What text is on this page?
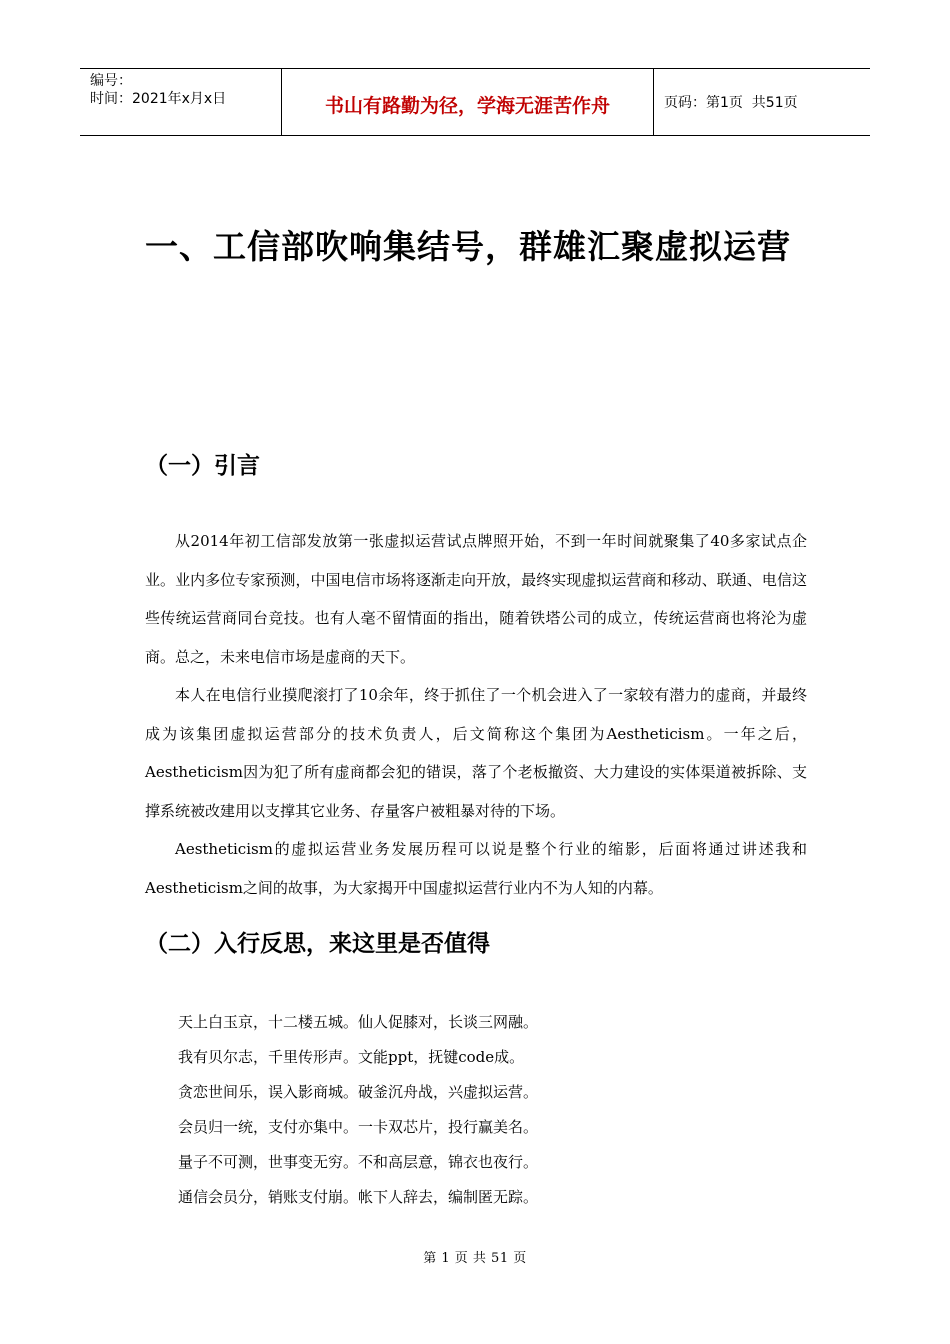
编号：
时间：2021年x月x日	书山有路勤为径，学海无涯苦作舟	页码：第1页  共51页
一、工信部吹响集结号，群雄汇聚虚拟运营
（一）引言

从2014年初工信部发放第一张虚拟运营试点牌照开始，不到一年时间就聚集了40多家试点企业。业内多位专家预测，中国电信市场将逐渐走向开放，最终实现虚拟运营商和移动、联通、电信这些传统运营商同台竞技。也有人毫不留情面的指出，随着铁塔公司的成立，传统运营商也将沦为虚商。总之，未来电信市场是虚商的天下。

本人在电信行业摸爬滚打了10余年，终于抓住了一个机会进入了一家较有潜力的虚商，并最终成为该集团虚拟运营部分的技术负责人，后文简称这个集团为Aestheticism。一年之后，Aestheticism因为犯了所有虚商都会犯的错误，落了个老板撤资、大力建设的实体渠道被拆除、支撑系统被改建用以支撑其它业务、存量客户被粗暴对待的下场。

Aestheticism的虚拟运营业务发展历程可以说是整个行业的缩影，后面将通过讲述我和Aestheticism之间的故事，为大家揭开中国虚拟运营行业内不为人知的内幕。

（二）入行反思，来这里是否值得
天上白玉京，十二楼五城。仙人促膝对，长谈三网融。
我有贝尔志，千里传形声。文能ppt，抚键code成。
贪恋世间乐，误入影商城。破釜沉舟战，兴虚拟运营。
会员归一统，支付亦集中。一卡双芯片，投行赢美名。
量子不可测，世事变无穷。不和高层意，锦衣也夜行。
通信会员分，销账支付崩。帐下人辞去，编制匿无踪。
第 1 页 共 51 页
